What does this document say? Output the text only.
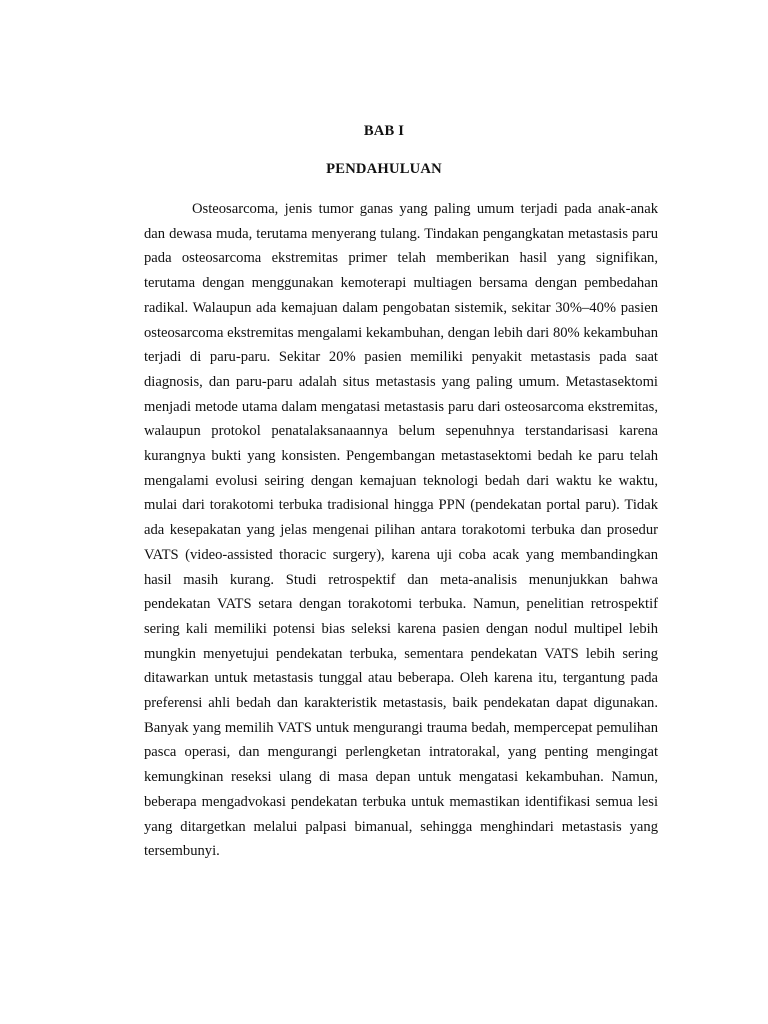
BAB I
PENDAHULUAN

Osteosarcoma, jenis tumor ganas yang paling umum terjadi pada anak-anak dan dewasa muda, terutama menyerang tulang. Tindakan pengangkatan metastasis paru pada osteosarcoma ekstremitas primer telah memberikan hasil yang signifikan, terutama dengan menggunakan kemoterapi multiagen bersama dengan pembedahan radikal. Walaupun ada kemajuan dalam pengobatan sistemik, sekitar 30%–40% pasien osteosarcoma ekstremitas mengalami kekambuhan, dengan lebih dari 80% kekambuhan terjadi di paru-paru. Sekitar 20% pasien memiliki penyakit metastasis pada saat diagnosis, dan paru-paru adalah situs metastasis yang paling umum. Metastasektomi menjadi metode utama dalam mengatasi metastasis paru dari osteosarcoma ekstremitas, walaupun protokol penatalaksanaannya belum sepenuhnya terstandarisasi karena kurangnya bukti yang konsisten. Pengembangan metastasektomi bedah ke paru telah mengalami evolusi seiring dengan kemajuan teknologi bedah dari waktu ke waktu, mulai dari torakotomi terbuka tradisional hingga PPN (pendekatan portal paru). Tidak ada kesepakatan yang jelas mengenai pilihan antara torakotomi terbuka dan prosedur VATS (video-assisted thoracic surgery), karena uji coba acak yang membandingkan hasil masih kurang. Studi retrospektif dan meta-analisis menunjukkan bahwa pendekatan VATS setara dengan torakotomi terbuka. Namun, penelitian retrospektif sering kali memiliki potensi bias seleksi karena pasien dengan nodul multipel lebih mungkin menyetujui pendekatan terbuka, sementara pendekatan VATS lebih sering ditawarkan untuk metastasis tunggal atau beberapa. Oleh karena itu, tergantung pada preferensi ahli bedah dan karakteristik metastasis, baik pendekatan dapat digunakan. Banyak yang memilih VATS untuk mengurangi trauma bedah, mempercepat pemulihan pasca operasi, dan mengurangi perlengketan intratorakal, yang penting mengingat kemungkinan reseksi ulang di masa depan untuk mengatasi kekambuhan. Namun, beberapa mengadvokasi pendekatan terbuka untuk memastikan identifikasi semua lesi yang ditargetkan melalui palpasi bimanual, sehingga menghindari metastasis yang tersembunyi.
